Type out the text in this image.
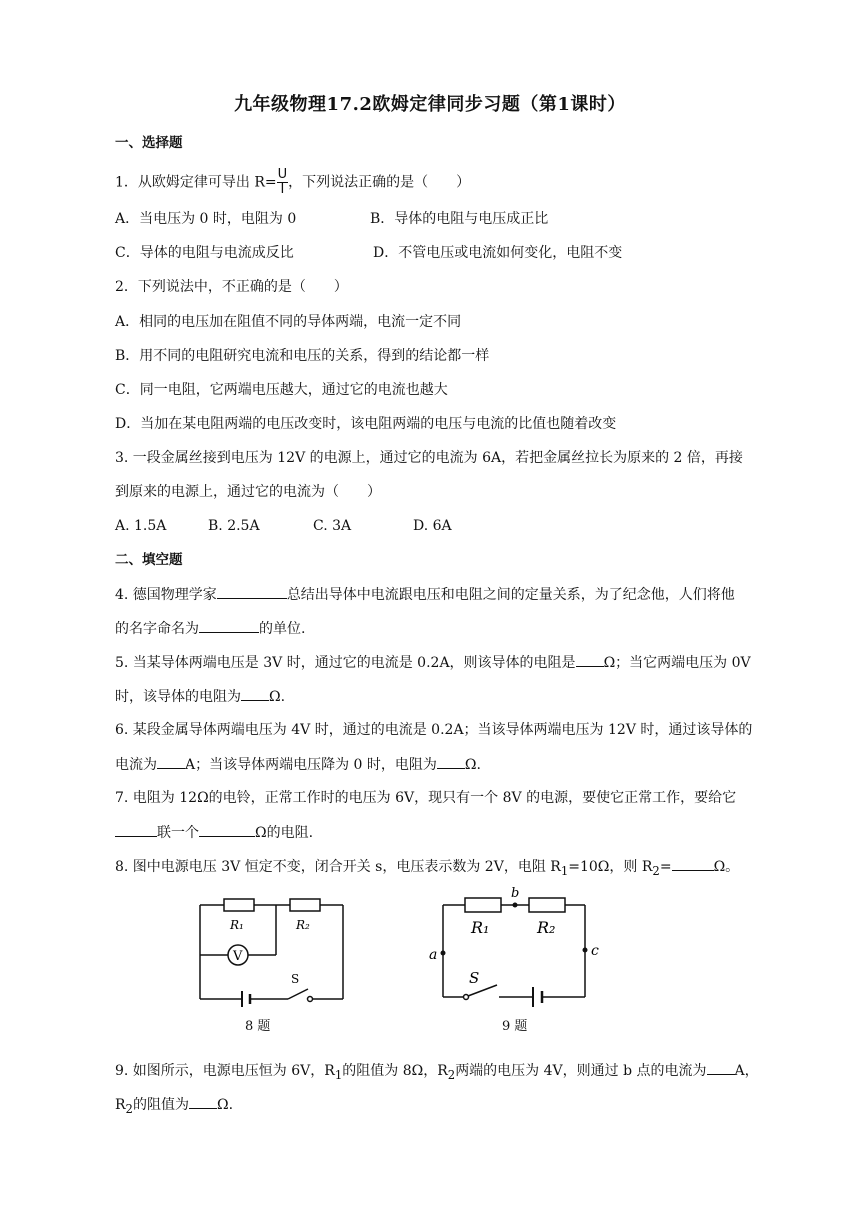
九年级物理17.2欧姆定律同步习题（第1课时）
一、选择题
1．从欧姆定律可导出 $R= \frac{U}{I}$ ，下列说法正确的是（　　）
A．当电压为 0 时，电阻为 0	B．导体的电阻与电压成正比
C．导体的电阻与电流成反比	D．不管电压或电流如何变化，电阻不变
2．下列说法中，不正确的是（　　）
A．相同的电压加在阻值不同的导体两端，电流一定不同
B．用不同的电阻研究电流和电压的关系，得到的结论都一样
C．同一电阻，它两端电压越大，通过它的电流也越大
D．当加在某电阻两端的电压改变时，该电阻两端的电压与电流的比值也随着改变
3. 一段金属丝接到电压为 12V 的电源上，通过它的电流为 6A，若把金属丝拉长为原来的 2 倍，再接
到原来的电源上，通过它的电流为（　　）
A. 1.5A	B. 2.5A	C. 3A	D. 6A
二、填空题
4. 德国物理学家	总结出导体中电流跟电压和电阻之间的定量关系，为了纪念他，人们将他
的名字命名为	的单位.
5. 当某导体两端电压是 3V 时，通过它的电流是 0.2A，则该导体的电阻是 Ω；当它两端电压为 0V
时，该导体的电阻为 Ω.
6. 某段金属导体两端电压为 4V 时，通过的电流是 0.2A；当该导体两端电压为 12V 时，通过该导体的
电流为 A；当该导体两端电压降为 0 时，电阻为 Ω.
7. 电阻为 12Ω的电铃，正常工作时的电压为 6V，现只有一个 8V 的电源，要使它正常工作，要给它
联一个	Ω的电阻.
8. 图中电源电压 3V 恒定不变，闭合开关 s，电压表示数为 2V，电阻 $R_1=10\Omega$，则 $R_2=$	Ω。
R₁	R₂
V
S
8 题
R₁	R₂
b
a	c
S
9 题
9. 如图所示，电源电压恒为 6V，$R_1$的阻值为 8Ω，$R_2$两端的电压为 4V，则通过 b 点的电流为 A，
$R_2$的阻值为 Ω.
